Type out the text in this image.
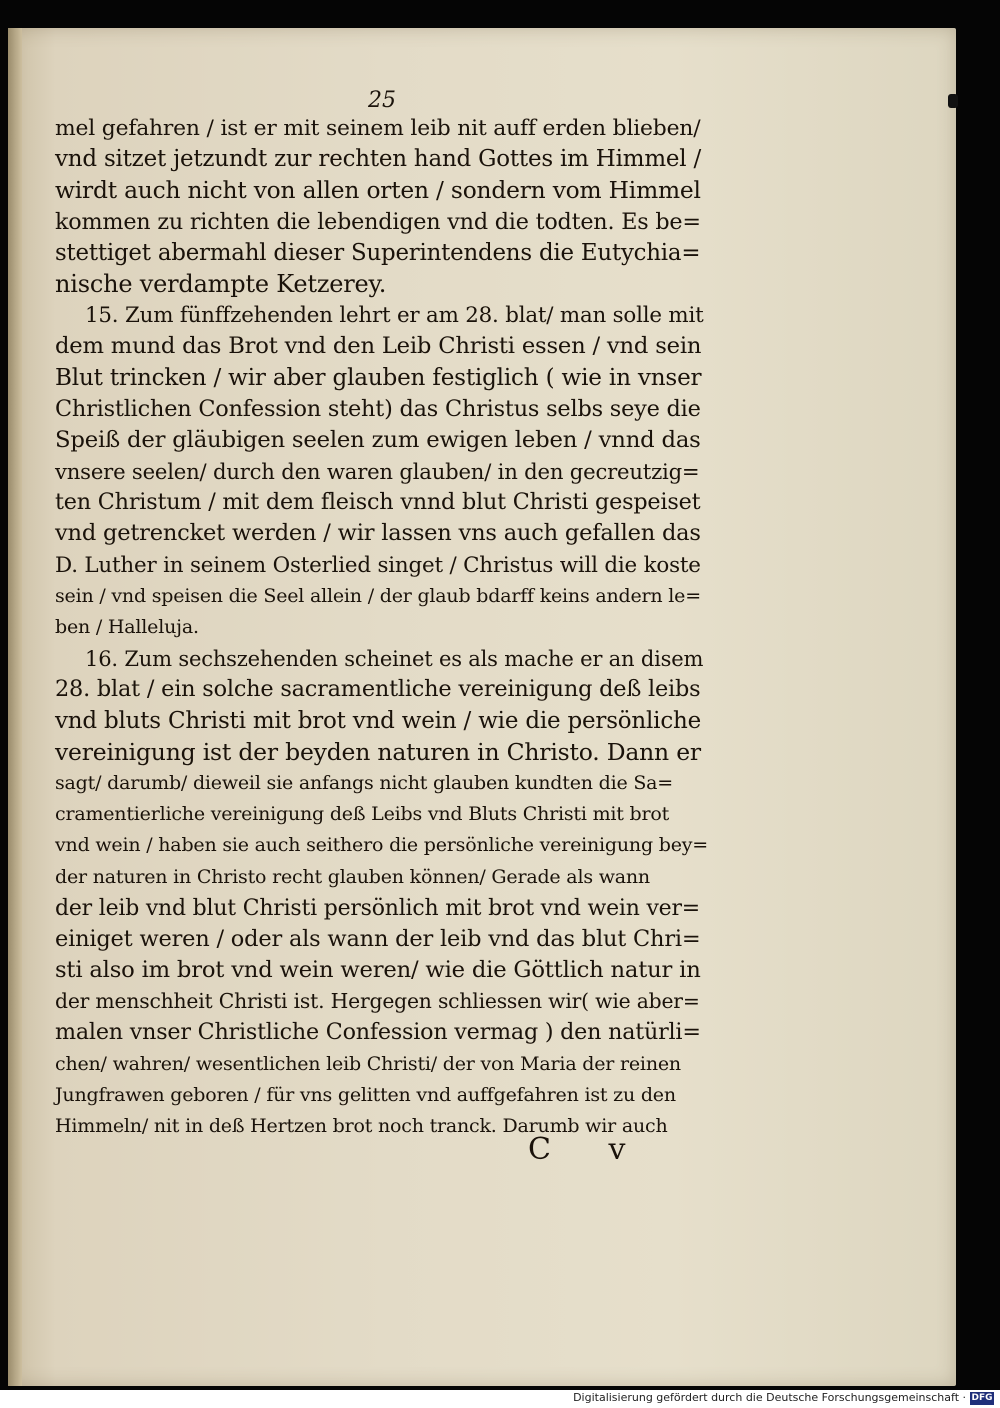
25
mel gefahren / ist er mit seinem leib nit auff erden blieben/
vnd sitzet jetzundt zur rechten hand Gottes im Himmel /
wirdt auch nicht von allen orten / sondern vom Himmel
kommen zu richten die lebendigen vnd die todten. Es be=
stettiget abermahl dieser Superintendens die Eutychia=
nische verdampte Ketzerey.
15. Zum fünffzehenden lehrt er am 28. blat/ man solle mit
dem mund das Brot vnd den Leib Christi essen / vnd sein
Blut trincken / wir aber glauben festiglich ( wie in vnser
Christlichen Confession steht) das Christus selbs seye die
Speiß der gläubigen seelen zum ewigen leben / vnnd das
vnsere seelen/ durch den waren glauben/ in den gecreutzig=
ten Christum / mit dem fleisch vnnd blut Christi gespeiset
vnd getrencket werden / wir lassen vns auch gefallen das
D. Luther in seinem Osterlied singet / Christus will die koste
sein / vnd speisen die Seel allein / der glaub bdarff keins andern le=
ben / Halleluja.
16. Zum sechszehenden scheinet es als mache er an disem
28. blat / ein solche sacramentliche vereinigung deß leibs
vnd bluts Christi mit brot vnd wein / wie die persönliche
vereinigung ist der beyden naturen in Christo. Dann er
sagt/ darumb/ dieweil sie anfangs nicht glauben kundten die Sa=
cramentierliche vereinigung deß Leibs vnd Bluts Christi mit brot
vnd wein / haben sie auch seithero die persönliche vereinigung bey=
der naturen in Christo recht glauben können/ Gerade als wann
der leib vnd blut Christi persönlich mit brot vnd wein ver=
einiget weren / oder als wann der leib vnd das blut Chri=
sti also im brot vnd wein weren/ wie die Göttlich natur in
der menschheit Christi ist. Hergegen schliessen wir( wie aber=
malen vnser Christliche Confession vermag ) den natürli=
chen/ wahren/ wesentlichen leib Christi/ der von Maria der reinen
Jungfrawen geboren / für vns gelitten vnd auffgefahren ist zu den
Himmeln/ nit in deß Hertzen brot noch tranck. Darumb wir auch
C v
Digitalisierung gefördert durch die Deutsche Forschungsgemeinschaft · DFG
